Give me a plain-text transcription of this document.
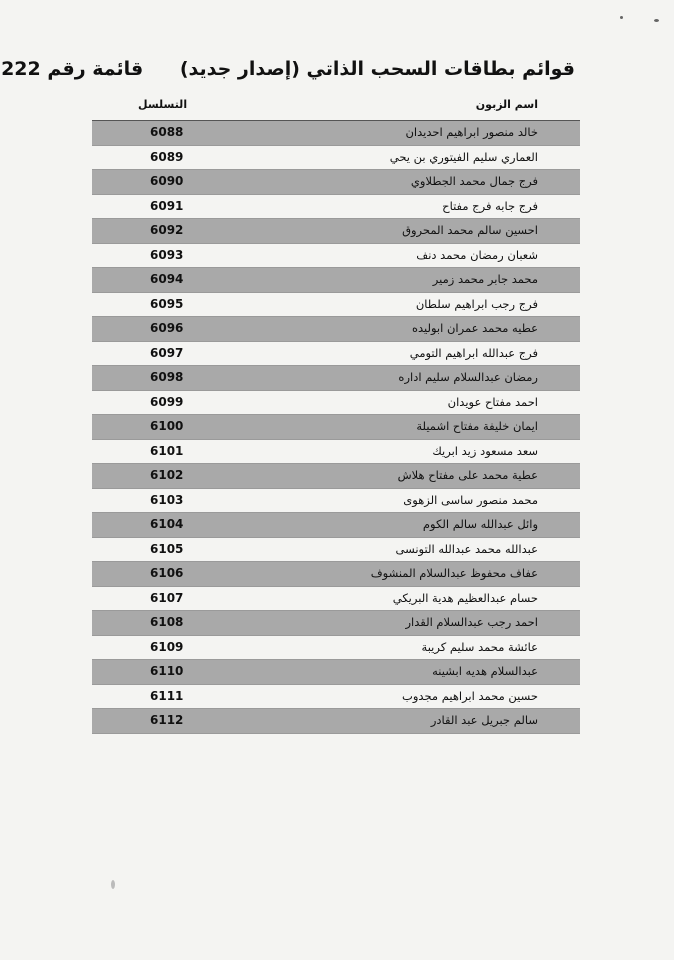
قوائم بطاقات السحب الذاتي (إصدار جديد) قائمة رقم 222
اسم الزبون
التسلسل
خالد منصور ابراهيم احديدان
6088
العماري سليم الفيتوري بن يحي
6089
فرج جمال محمد الجطلاوي
6090
فرج جابه فرج مفتاح
6091
احسين سالم محمد المحروق
6092
شعبان رمضان محمد دنف
6093
محمد جابر محمد زمير
6094
فرج رجب ابراهيم سلطان
6095
عطيه محمد عمران ابوليده
6096
فرج عبدالله ابراهيم التومي
6097
رمضان عبدالسلام سليم اداره
6098
احمد مفتاح عويدان
6099
ايمان خليفة مفتاح اشميلة
6100
سعد مسعود زيد ابريك
6101
عطية محمد على مفتاح هلاش
6102
محمد منصور ساسى الزهوى
6103
وائل عبدالله سالم الكوم
6104
عبدالله محمد عبدالله التونسى
6105
عفاف محفوظ عبدالسلام المنشوف
6106
حسام عبدالعظيم هدية البريكي
6107
احمد رجب عبدالسلام القدار
6108
عائشة محمد سليم كريبة
6109
عبدالسلام هديه ابشينه
6110
حسين محمد ابراهيم مجدوب
6111
سالم جبريل عبد القادر
6112
